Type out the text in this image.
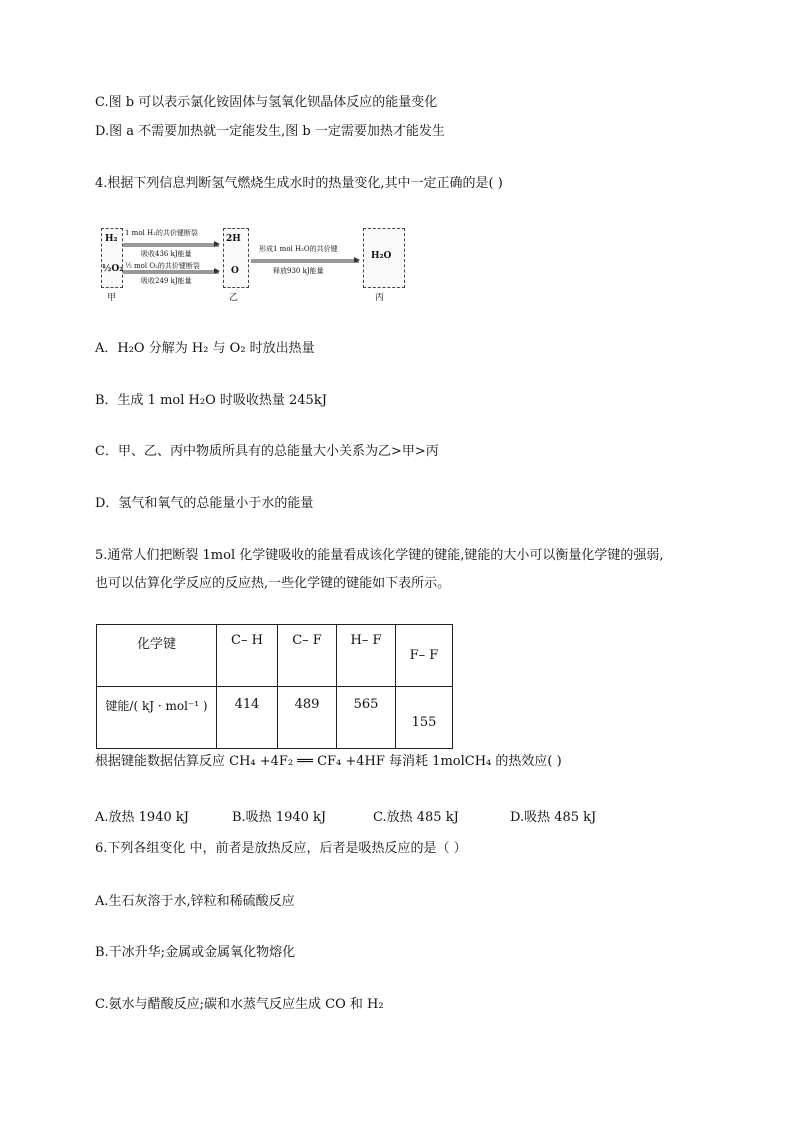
C.图 b 可以表示氯化铵固体与氢氧化钡晶体反应的能量变化
D.图 a 不需要加热就一定能发生,图 b 一定需要加热才能发生
4.根据下列信息判断氢气燃烧生成水时的热量变化,其中一定正确的是( )
H₂
½O₂
甲
1 mol H₂的共价键断裂
吸收436 kJ能量
½ mol O₂的共价键断裂
吸收249 kJ能量
2H
O
乙
形成1 mol H₂O的共价键
释放930 kJ能量
H₂O
丙
A．H₂O 分解为 H₂ 与 O₂ 时放出热量
B．生成 1 mol H₂O 时吸收热量 245kJ
C．甲、乙、丙中物质所具有的总能量大小关系为乙>甲>丙
D．氢气和氧气的总能量小于水的能量
5.通常人们把断裂 1mol 化学键吸收的能量看成该化学键的键能,键能的大小可以衡量化学键的强弱,
也可以估算化学反应的反应热,一些化学键的键能如下表所示。
化学键	C– H	C– F	H– F	F– F
键能/( kJ · mol⁻¹ )	414	489	565	155
根据键能数据估算反应 CH₄ +4F₂ ══ CF₄ +4HF 每消耗 1molCH₄ 的热效应( )
A.放热 1940 kJ	B.吸热 1940 kJ	C.放热 485 kJ	D.吸热 485 kJ
6.下列各组变化 中，前者是放热反应，后者是吸热反应的是（ ）
A.生石灰溶于水,锌粒和稀硫酸反应
B.干冰升华;金属或金属氧化物熔化
C.氨水与醋酸反应;碳和水蒸气反应生成 CO 和 H₂
